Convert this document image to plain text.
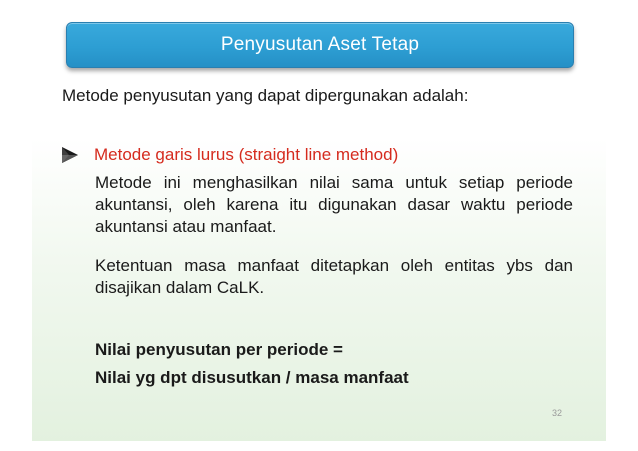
Penyusutan Aset Tetap
Metode penyusutan yang dapat dipergunakan adalah:
Metode garis lurus (straight line method)
Metode ini menghasilkan nilai sama untuk setiap periode akuntansi, oleh karena itu digunakan dasar waktu periode akuntansi atau manfaat.
Ketentuan masa manfaat ditetapkan oleh entitas ybs dan disajikan dalam CaLK.
Nilai penyusutan per periode =
Nilai yg dpt disusutkan / masa manfaat
32
